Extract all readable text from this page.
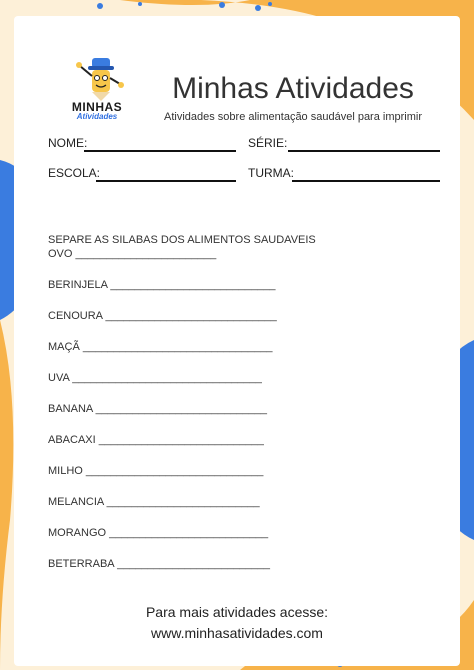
MINHAS
Atividades
Minhas Atividades
Atividades sobre alimentação saudável para imprimir
NOME:	SÉRIE:
ESCOLA:	TURMA:
SEPARE AS SILABAS DOS ALIMENTOS SAUDAVEIS
OVO _______________________
BERINJELA ___________________________
CENOURA ____________________________
MAÇÃ _______________________________
UVA _______________________________
BANANA ____________________________
ABACAXI ___________________________
MILHO _____________________________
MELANCIA _________________________
MORANGO __________________________
BETERRABA _________________________
Para mais atividades acesse:
www.minhasatividades.com
